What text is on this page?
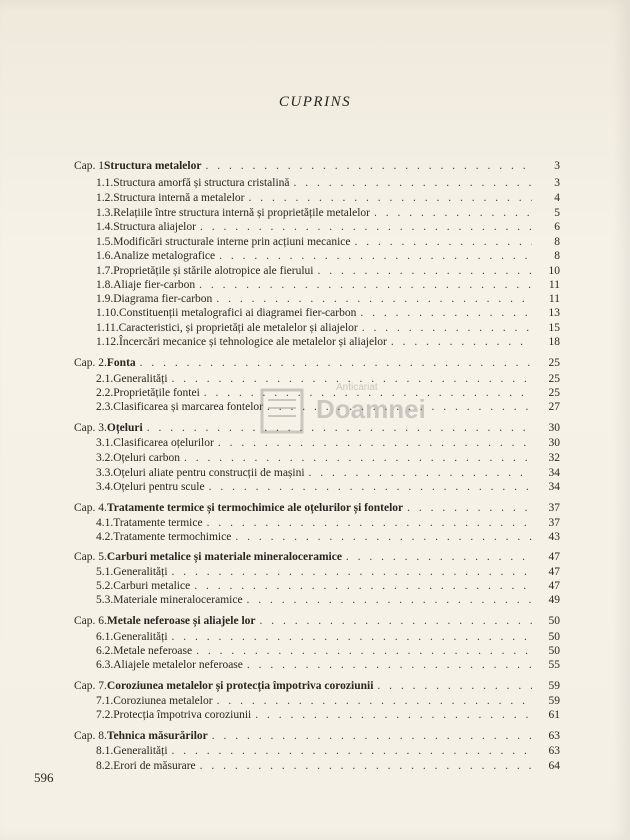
CUPRINS
Cap. 1 Structura metalelor . . .	3
1.1. Structura amorfă și structura cristalină . . .	3
1.2. Structura internă a metalelor . . .	4
1.3. Relațiile între structura internă și proprietățile metalelor . . .	5
1.4. Structura aliajelor . . .	6
1.5. Modificări structurale interne prin acțiuni mecanice . . .	8
1.6. Analize metalografice . . .	8
1.7. Proprietățile și stările alotropice ale fierului . . .	10
1.8. Aliaje fier-carbon . . .	11
1.9. Diagrama fier-carbon . . .	11
1.10. Constituenții metalografici ai diagramei fier-carbon . . .	13
1.11. Caracteristici, și proprietăți ale metalelor și aliajelor . . .	15
1.12. Încercări mecanice și tehnologice ale metalelor și aliajelor . . .	18
Cap. 2. Fonta . . .	25
2.1. Generalități . . .	25
2.2. Proprietățile fontei . . .	25
2.3. Clasificarea și marcarea fontelor . . .	27
Cap. 3. Oțeluri . . .	30
3.1. Clasificarea oțelurilor . . .	30
3.2. Oțeluri carbon . . .	32
3.3. Oțeluri aliate pentru construcții de mașini . . .	34
3.4. Oțeluri pentru scule . . .	34
Cap. 4. Tratamente termice și termochimice ale oțelurilor și fontelor . . .	37
4.1. Tratamente termice . . .	37
4.2. Tratamente termochimice . . .	43
Cap. 5. Carburi metalice și materiale mineraloceramice . . .	47
5.1. Generalități . . .	47
5.2. Carburi metalice . . .	47
5.3. Materiale mineraloceramice . . .	49
Cap. 6. Metale neferoase și aliajele lor . . .	50
6.1. Generalități . . .	50
6.2. Metale neferoase . . .	50
6.3. Aliajele metalelor neferoase . . .	55
Cap. 7. Coroziunea metalelor și protecția împotriva coroziunii . . .	59
7.1. Coroziunea metalelor . . .	59
7.2. Protecția împotriva coroziunii . . .	61
Cap. 8. Tehnica măsurărilor . . .	63
8.1. Generalități . . .	63
8.2. Erori de măsurare . . .	64
Anticariat
Doamnei
596
